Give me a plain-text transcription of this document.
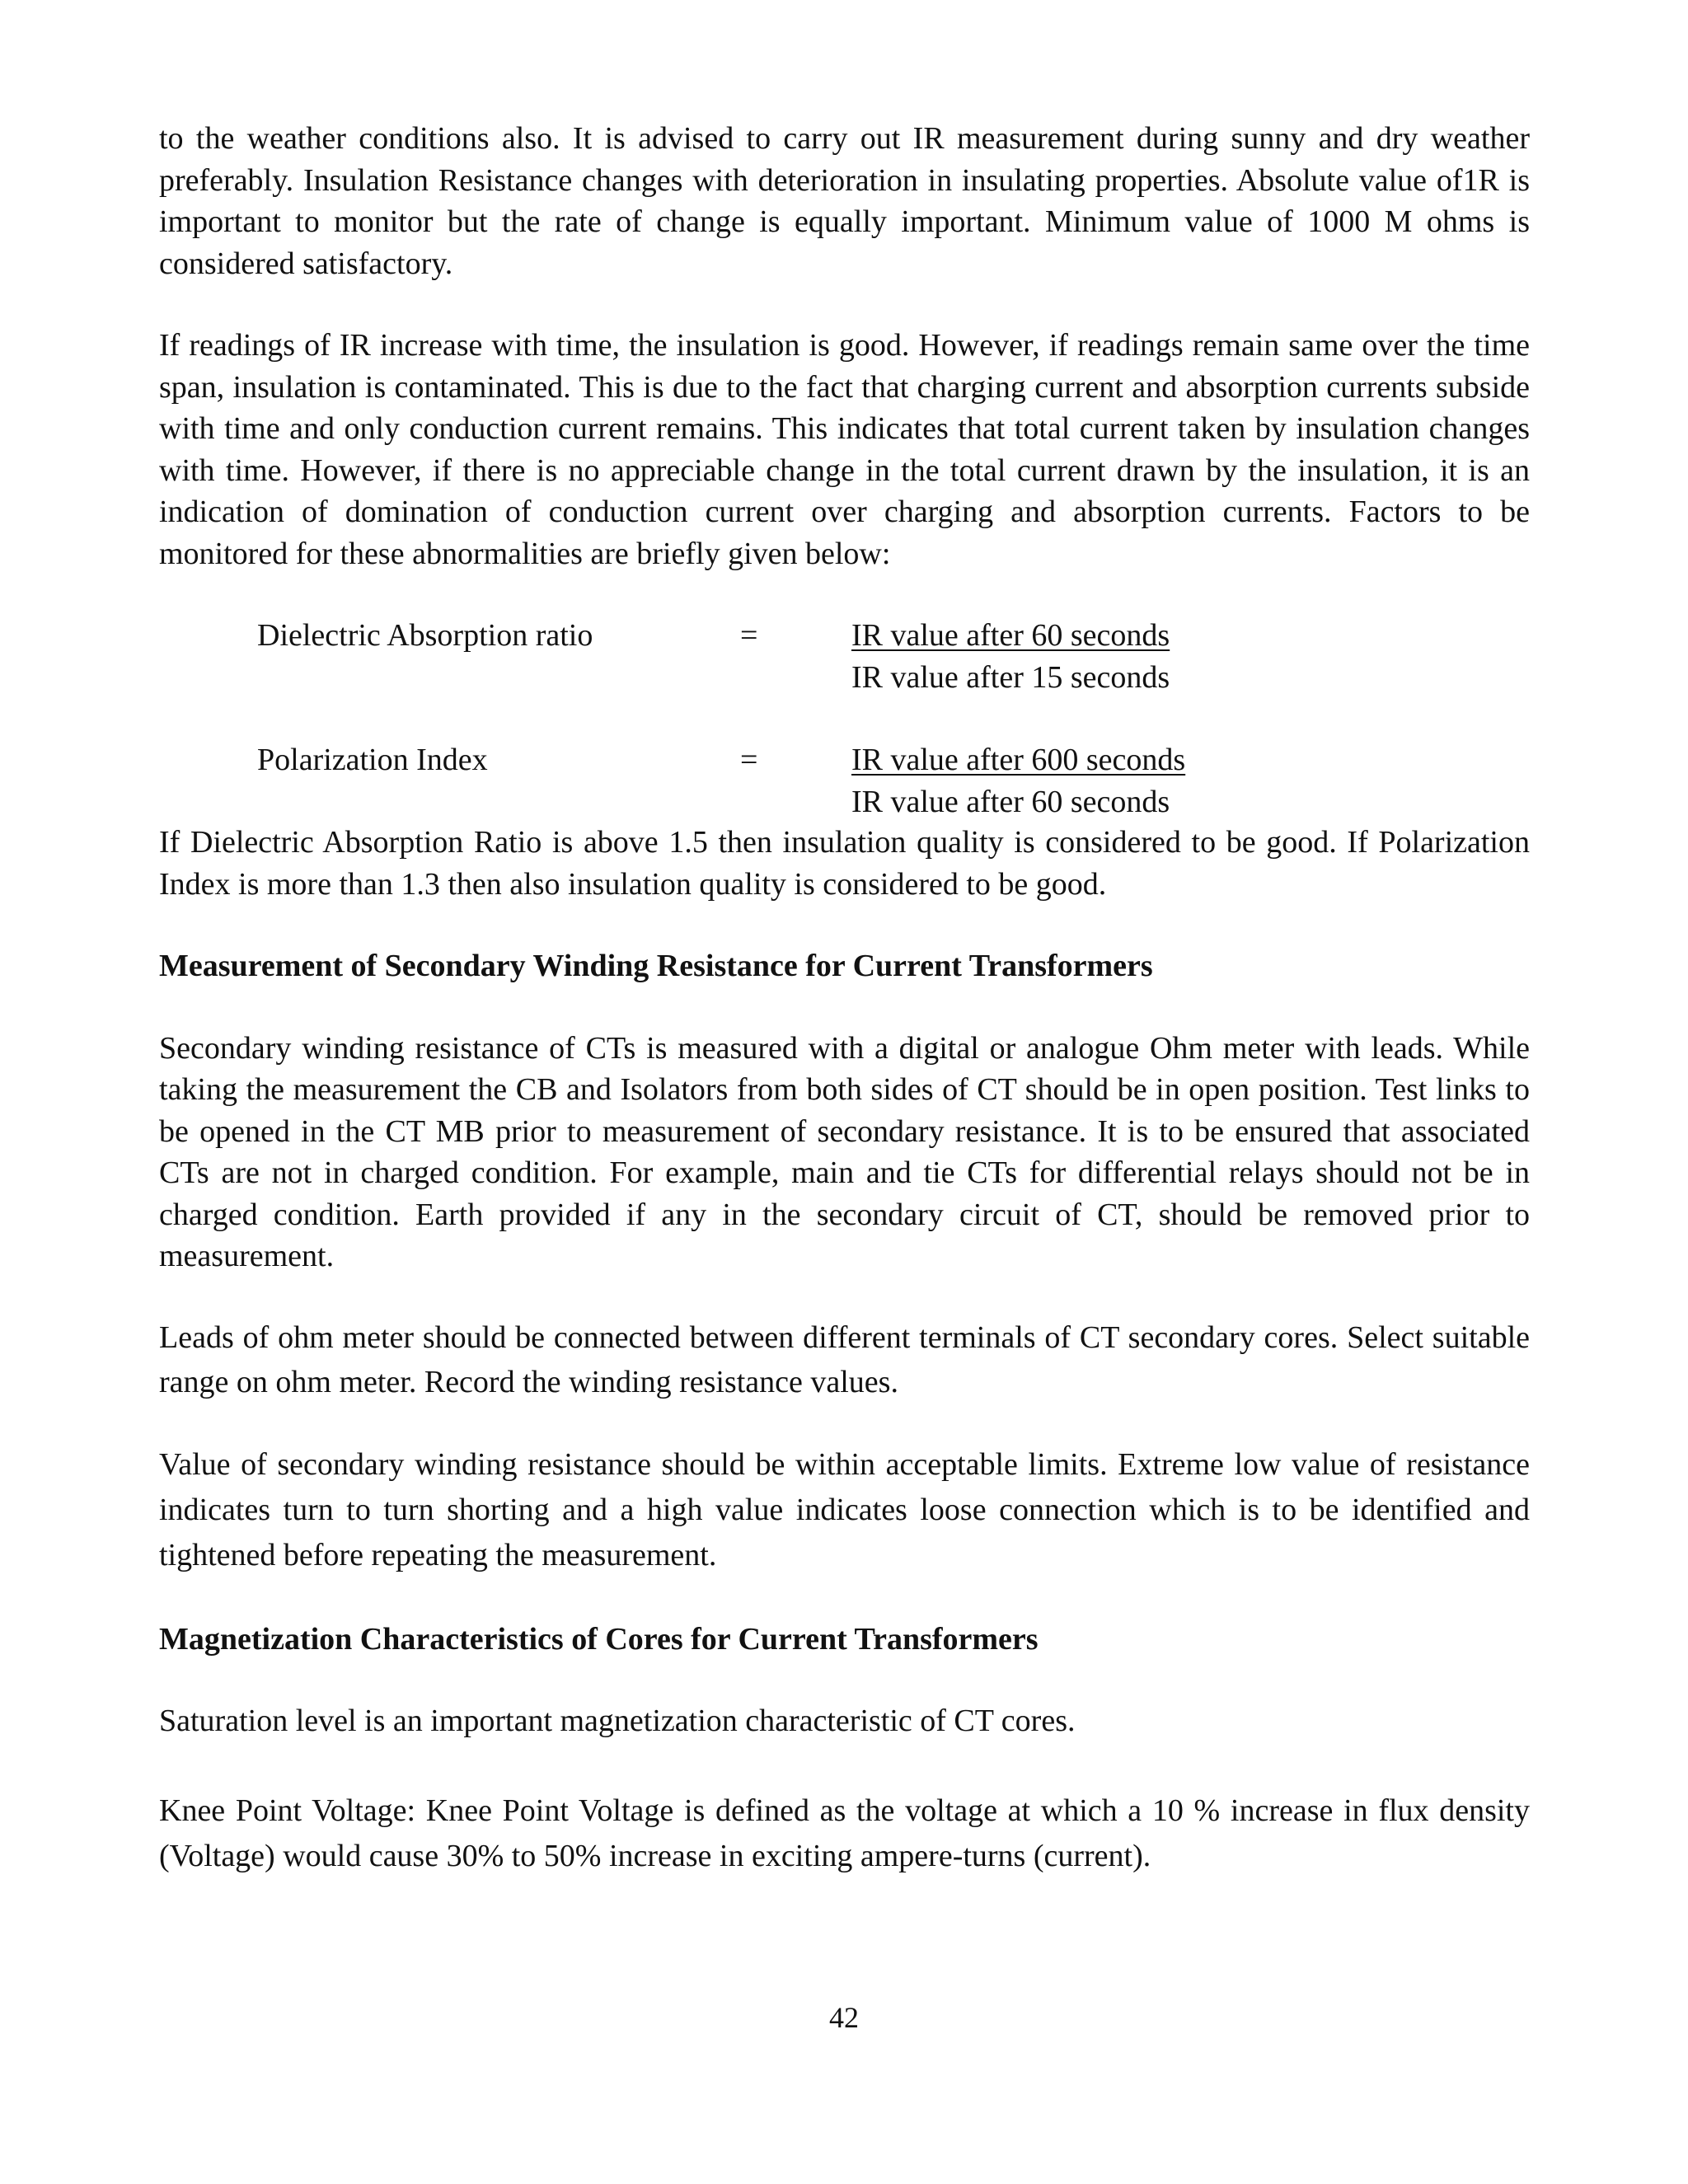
to the weather conditions also. It is advised to carry out IR measurement during sunny and dry weather preferably. Insulation Resistance changes with deterioration in insulating properties. Absolute value of1R is important to monitor but the rate of change is equally important. Minimum value of 1000 M ohms is considered satisfactory.

If readings of IR increase with time, the insulation is good. However, if readings remain same over the time span, insulation is contaminated. This is due to the fact that charging current and absorption currents subside with time and only conduction current remains. This indicates that total current taken by insulation changes with time. However, if there is no appreciable change in the total current drawn by the insulation, it is an indication of domination of conduction current over charging and absorption currents. Factors to be monitored for these abnormalities are briefly given below:

Dielectric Absorption ratio	=	IR value after 60 seconds
IR value after 15 seconds
Polarization Index	=	IR value after 600 seconds
IR value after 60 seconds

If Dielectric Absorption Ratio is above 1.5 then insulation quality is considered to be good. If Polarization Index is more than 1.3 then also insulation quality is considered to be good.

Measurement of Secondary Winding Resistance for Current Transformers

Secondary winding resistance of CTs is measured with a digital or analogue Ohm meter with leads. While taking the measurement the CB and Isolators from both sides of CT should be in open position. Test links to be opened in the CT MB prior to measurement of secondary resistance. It is to be ensured that associated CTs are not in charged condition. For example, main and tie CTs for differential relays should not be in charged condition. Earth provided if any in the secondary circuit of CT, should be removed prior to measurement.

Leads of ohm meter should be connected between different terminals of CT secondary cores. Select suitable range on ohm meter. Record the winding resistance values.

Value of secondary winding resistance should be within acceptable limits. Extreme low value of resistance indicates turn to turn shorting and a high value indicates loose connection which is to be identified and tightened before repeating the measurement.

Magnetization Characteristics of Cores for Current Transformers

Saturation level is an important magnetization characteristic of CT cores.

Knee Point Voltage: Knee Point Voltage is defined as the voltage at which a 10 % increase in flux density (Voltage) would cause 30% to 50% increase in exciting ampere-turns (current).

42
